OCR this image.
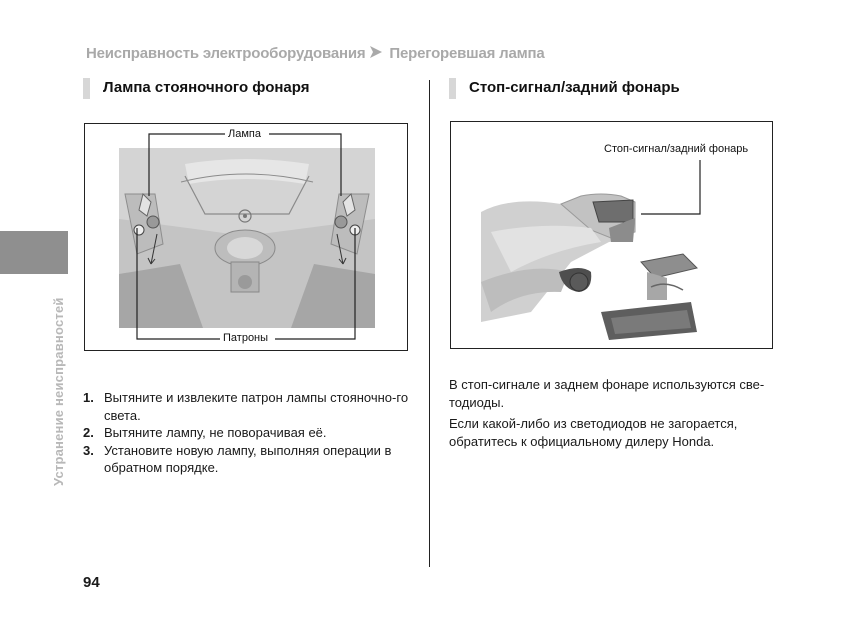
Неисправность электрооборудования Перегоревшая лампа
Лампа стояночного фонаря	Стоп-сигнал/задний фонарь
Устранение неисправностей
Лампа
Патроны
Стоп-сигнал/задний фонарь
1. Вытяните и извлеките патрон лампы стояночно-го света.
2. Вытяните лампу, не поворачивая её.
3. Установите новую лампу, выполняя операции в обратном порядке.

В стоп-сигнале и заднем фонаре используются све-тодиоды.

Если какой-либо из светодиодов не загорается, обратитесь к официальному дилеру Honda.

94
